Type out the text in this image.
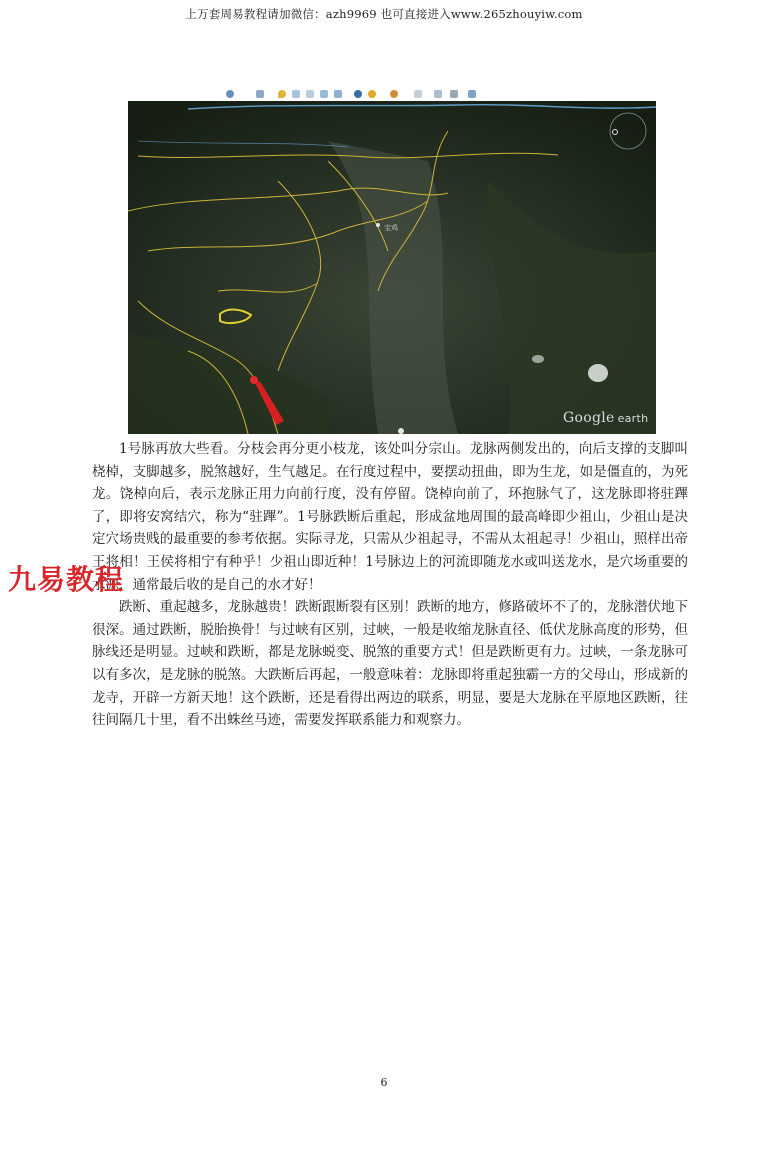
上万套周易教程请加微信：azh9969 也可直接进入www.265zhouyiw.com
宝鸡
Google earth

1号脉再放大些看。分枝会再分更小枝龙，该处叫分宗山。龙脉两侧发出的，向后支撑的支脚叫桡棹，支脚越多，脱煞越好，生气越足。在行度过程中，要摆动扭曲，即为生龙，如是僵直的，为死龙。饶棹向后，表示龙脉正用力向前行度，没有停留。饶棹向前了，环抱脉气了，这龙脉即将驻蹕了，即将安窝结穴，称为“驻蹕”。1号脉跌断后重起，形成盆地周围的最高峰即少祖山，少祖山是决定穴场贵贱的最重要的参考依据。实际寻龙，只需从少祖起寻，不需从太祖起寻！少祖山，照样出帝王将相！王侯将相宁有种乎！少祖山即近种！1号脉边上的河流即随龙水或叫送龙水，是穴场重要的水源，通常最后收的是自己的水才好！

跌断、重起越多，龙脉越贵！跌断跟断裂有区别！跌断的地方，修路破坏不了的，龙脉潜伏地下很深。通过跌断，脱胎换骨！与过峡有区别，过峡，一般是收缩龙脉直径、低伏龙脉高度的形势，但脉线还是明显。过峡和跌断，都是龙脉蜕变、脱煞的重要方式！但是跌断更有力。过峡，一条龙脉可以有多次，是龙脉的脱煞。大跌断后再起，一般意味着：龙脉即将重起独霸一方的父母山，形成新的龙寺，开辟一方新天地！这个跌断，还是看得出两边的联系，明显，要是大龙脉在平原地区跌断，往往间隔几十里，看不出蛛丝马迹，需要发挥联系能力和观察力。

九易教程
6
